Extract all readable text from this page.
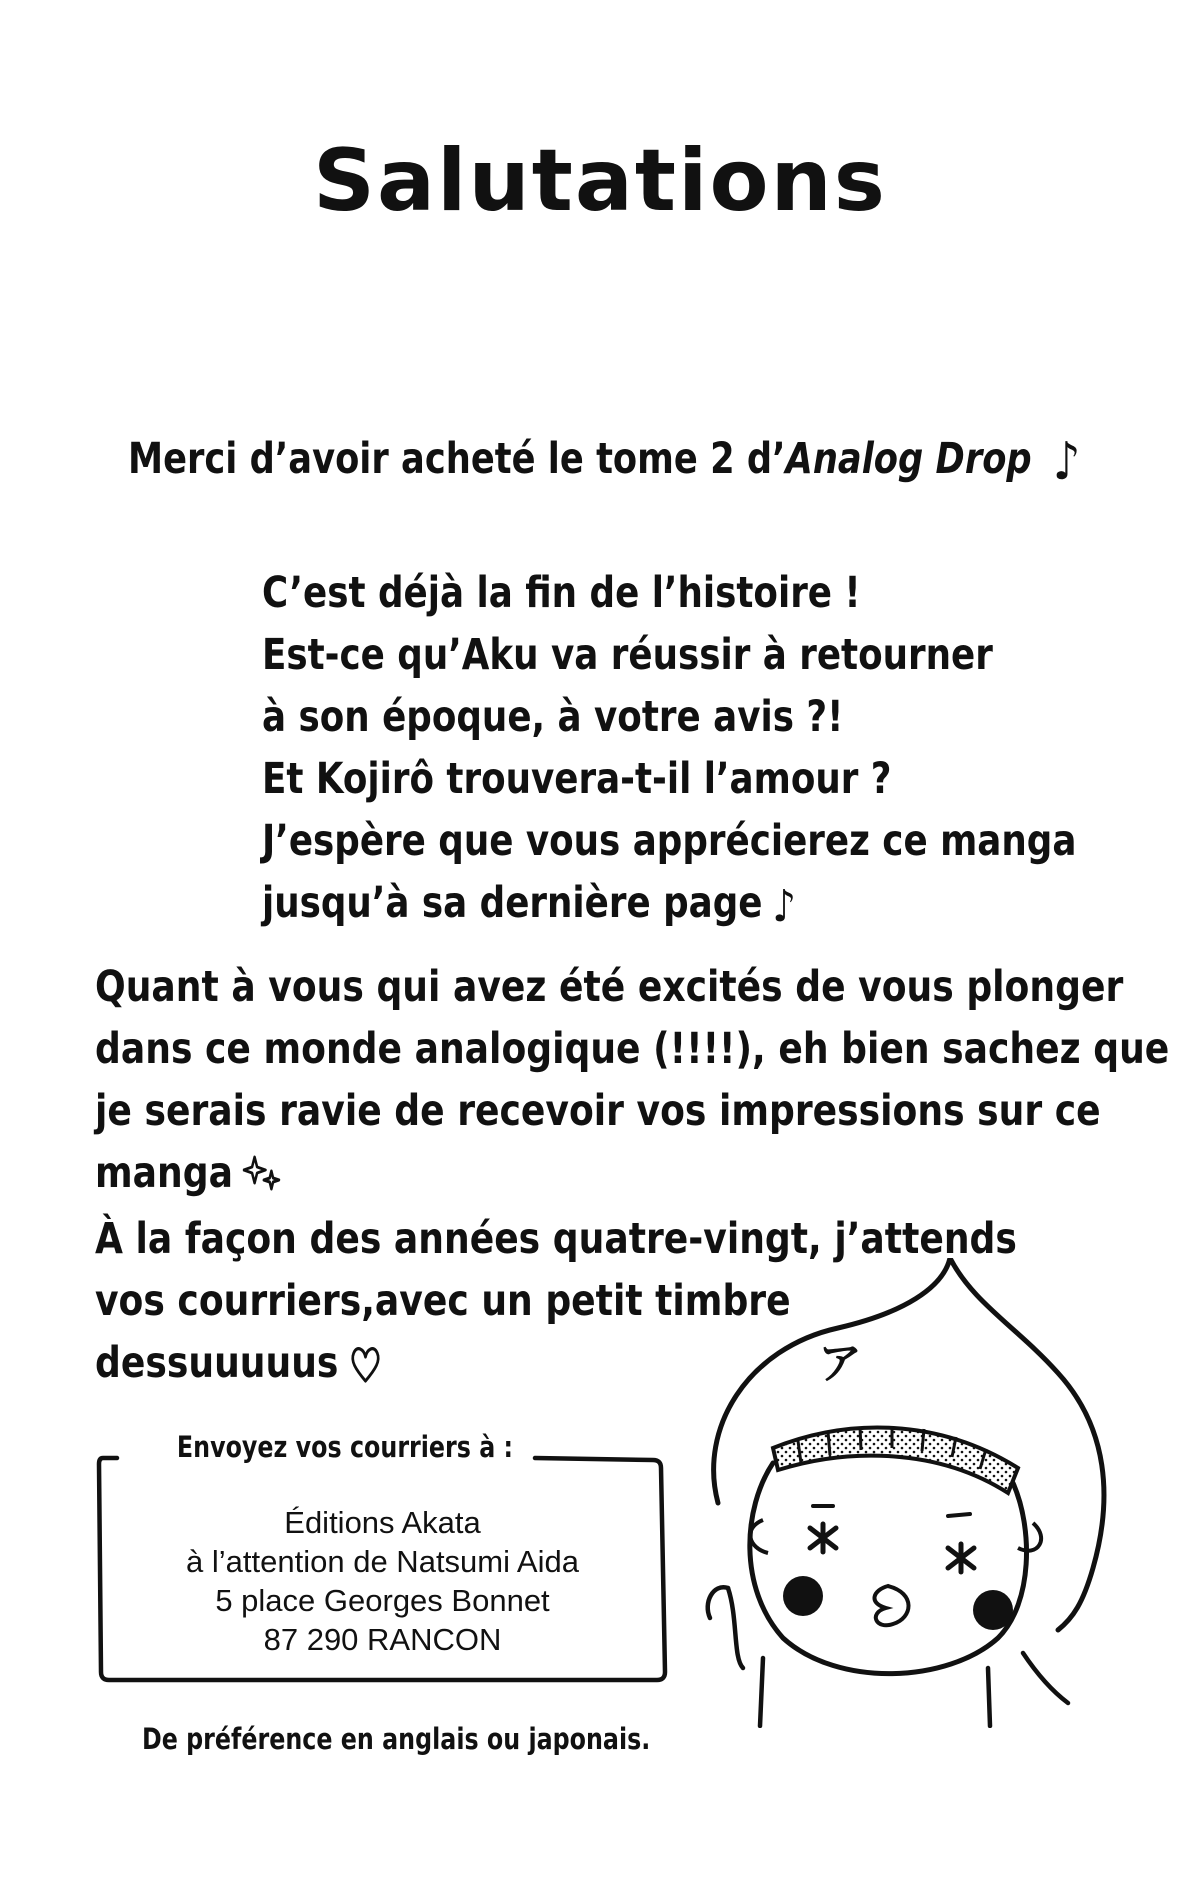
Salutations
Merci d’avoir acheté le tome 2 d’Analog Drop ♪
C’est déjà la fin de l’histoire !
Est-ce qu’Aku va réussir à retourner
à son époque, à votre avis ?!
Et Kojirô trouvera-t-il l’amour ?
J’espère que vous apprécierez ce manga
jusqu’à sa dernière page ♪
Quant à vous qui avez été excités de vous plonger
dans ce monde analogique (!!!!), eh bien sachez que
je serais ravie de recevoir vos impressions sur ce
manga
À la façon des années quatre-vingt, j’attends
vos courriers,avec un petit timbre
dessuuuuus
Envoyez vos courriers à :
Éditions Akata
à l’attention de Natsumi Aida
5 place Georges Bonnet
87 290 RANCON
De préférence en anglais ou japonais.
ア
